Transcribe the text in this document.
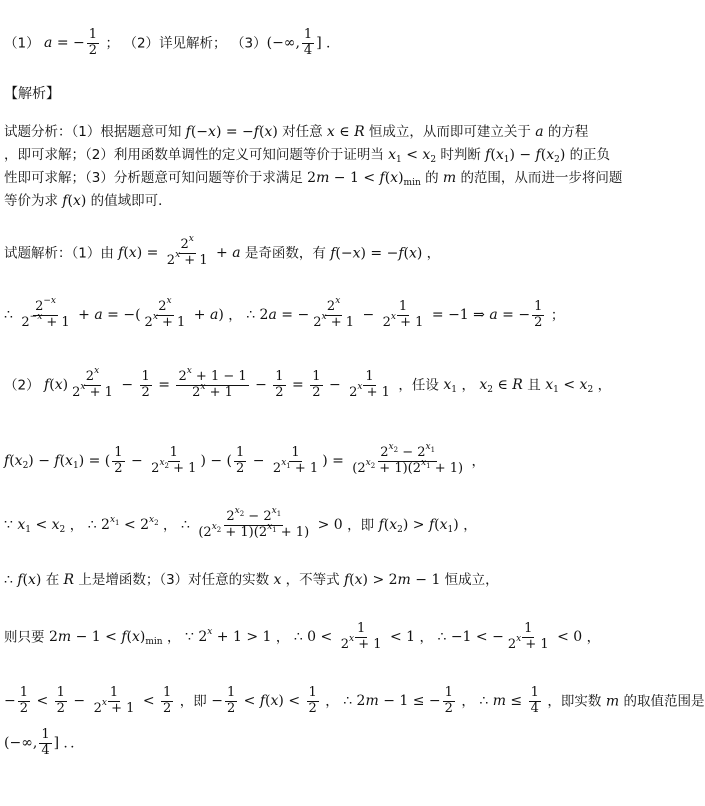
（1） a = − $\frac{1}{2}$ ； （2）详见解析； （3）(−∞, $\frac{1}{4}$ ] ．
【解析】
试题分析：（1）根据题意可知 f(−x) = −f(x) 对任意 x ∈ R 恒成立，从而即可建立关于 a 的方程
，即可求解；（2）利用函数单调性的定义可知问题等价于证明当 $x_1 < x_2$ 时判断 $f(x_1) - f(x_2)$ 的正负
性即可求解；（3）分析题意可知问题等价于求满足 $2m - 1 < f(x)_{min}$ 的 m 的范围，从而进一步将问题
等价为求 f(x) 的值域即可．
试题解析：（1）由 $f(x) = \frac{2^x}{2^x + 1} + a$ 是奇函数，有 f(−x) = −f(x) ，
∴ $\frac{2^{-x}}{2^{-x} + 1} + a$ = −( $\frac{2^x}{2^x + 1} + a$) ， ∴ 2a = − $\frac{2^x}{2^x + 1} - \frac{1}{2^x + 1} = -1$ ⇒ a = − $\frac{1}{2}$ ；
（2） $f(x) \frac{2^x}{2^x + 1} - \frac{1}{2} = \frac{2^x + 1 - 1}{2^x + 1} - \frac{1}{2} = \frac{1}{2} - \frac{1}{2^x + 1}$ ，任设 $x_1$ ， $x_2$ ∈ R 且 $x_1 < x_2$ ，
$f(x_2) - f(x_1)$ = ( $\frac{1}{2} - \frac{1}{2^{x_2} + 1}$ ) − ( $\frac{1}{2} - \frac{1}{2^{x_1} + 1}$ ) = $\frac{2^{x_2} - 2^{x_1}}{(2^{x_2} + 1)(2^{x_1} + 1)}$ ，
∵ $x_1 < x_2$ ， ∴ $2^{x_1} < 2^{x_2}$ ， ∴ $\frac{2^{x_2} - 2^{x_1}}{(2^{x_2} + 1)(2^{x_1} + 1)} > 0$ ，即 $f(x_2) > f(x_1)$ ，
∴ f(x) 在 R 上是增函数；（3）对任意的实数 x ，不等式 f(x) > 2m − 1 恒成立，
则只要 $2m - 1 < f(x)_{min}$ ， ∵ $2^x + 1 > 1$ ， ∴ $0 < \frac{1}{2^x + 1} < 1$ ， ∴ −1 < − $\frac{1}{2^x + 1} < 0$ ，
− $\frac{1}{2} < \frac{1}{2} - \frac{1}{2^x + 1} < \frac{1}{2}$ ，即 − $\frac{1}{2} < f(x) < \frac{1}{2}$ ， ∴ 2m − 1 ≤ − $\frac{1}{2}$ ， ∴ $m \le \frac{1}{4}$ ，即实数 m 的取值范围是
(−∞, $\frac{1}{4}$ ] ．．
